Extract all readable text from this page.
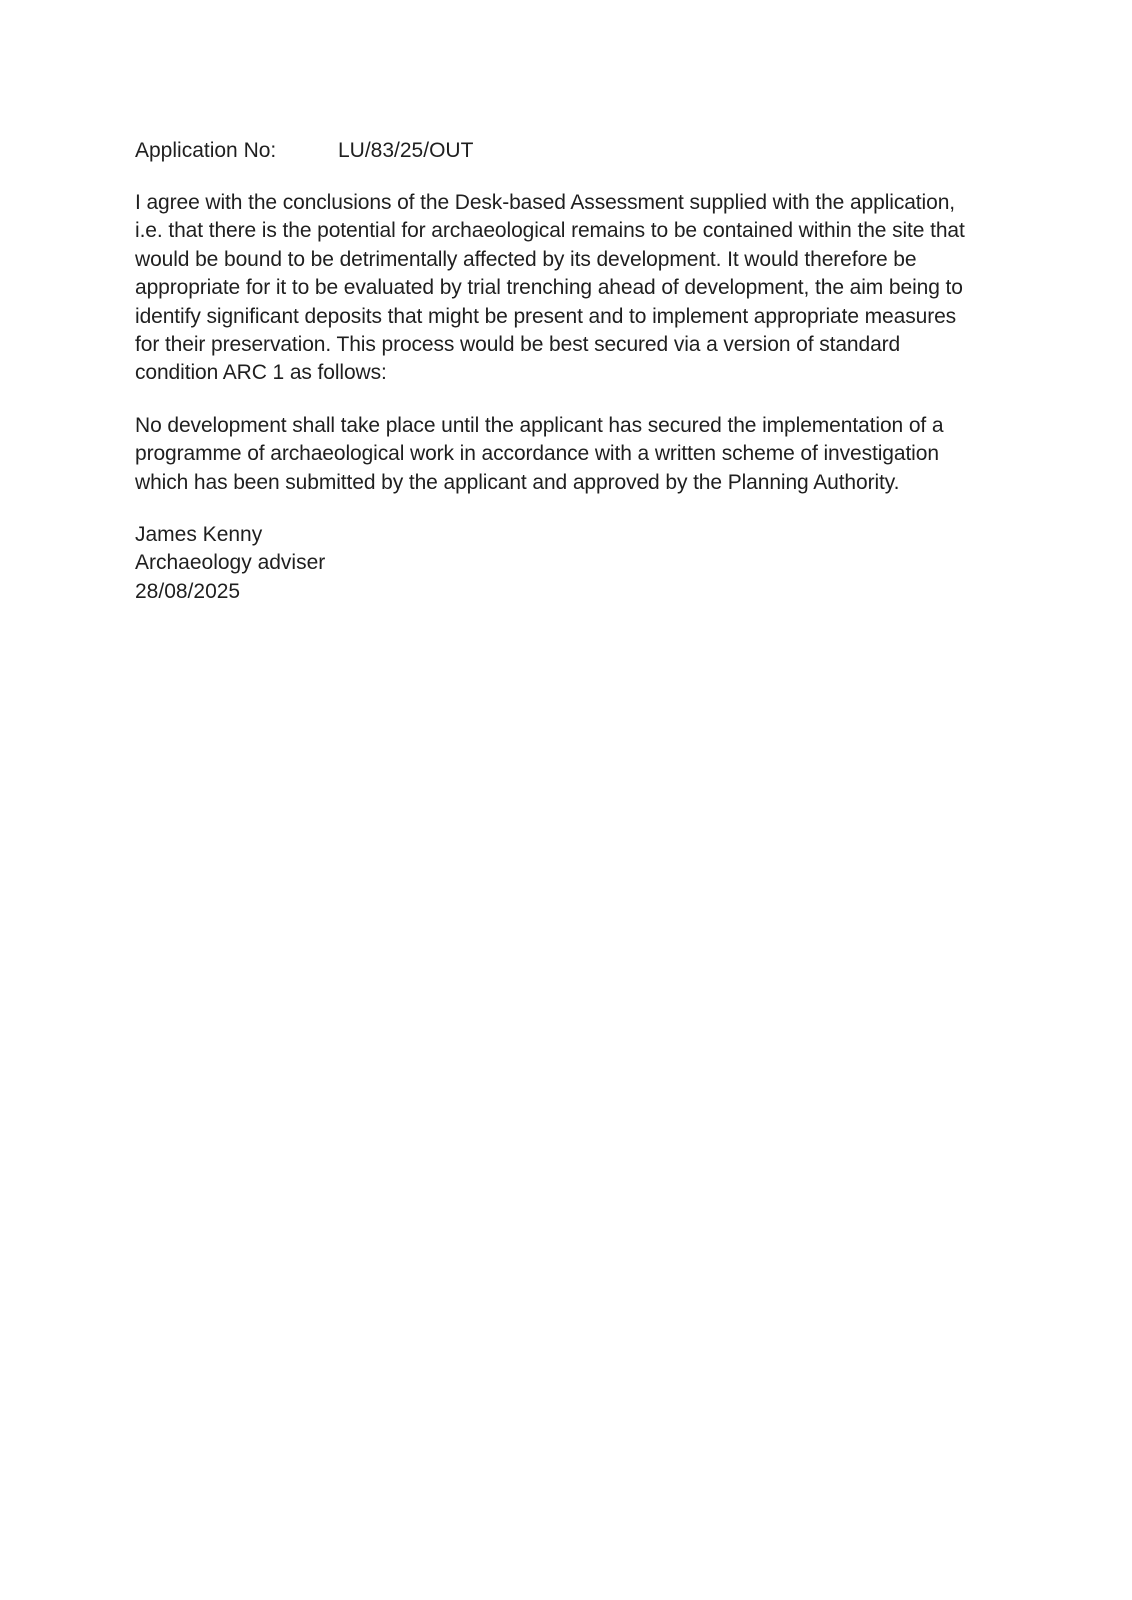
Application No:	LU/83/25/OUT

I agree with the conclusions of the Desk-based Assessment supplied with the application, i.e. that there is the potential for archaeological remains to be contained within the site that would be bound to be detrimentally affected by its development. It would therefore be appropriate for it to be evaluated by trial trenching ahead of development, the aim being to identify significant deposits that might be present and to implement appropriate measures for their preservation. This process would be best secured via a version of standard condition ARC 1 as follows:

No development shall take place until the applicant has secured the implementation of a programme of archaeological work in accordance with a written scheme of investigation which has been submitted by the applicant and approved by the Planning Authority.

James Kenny
Archaeology adviser
28/08/2025
